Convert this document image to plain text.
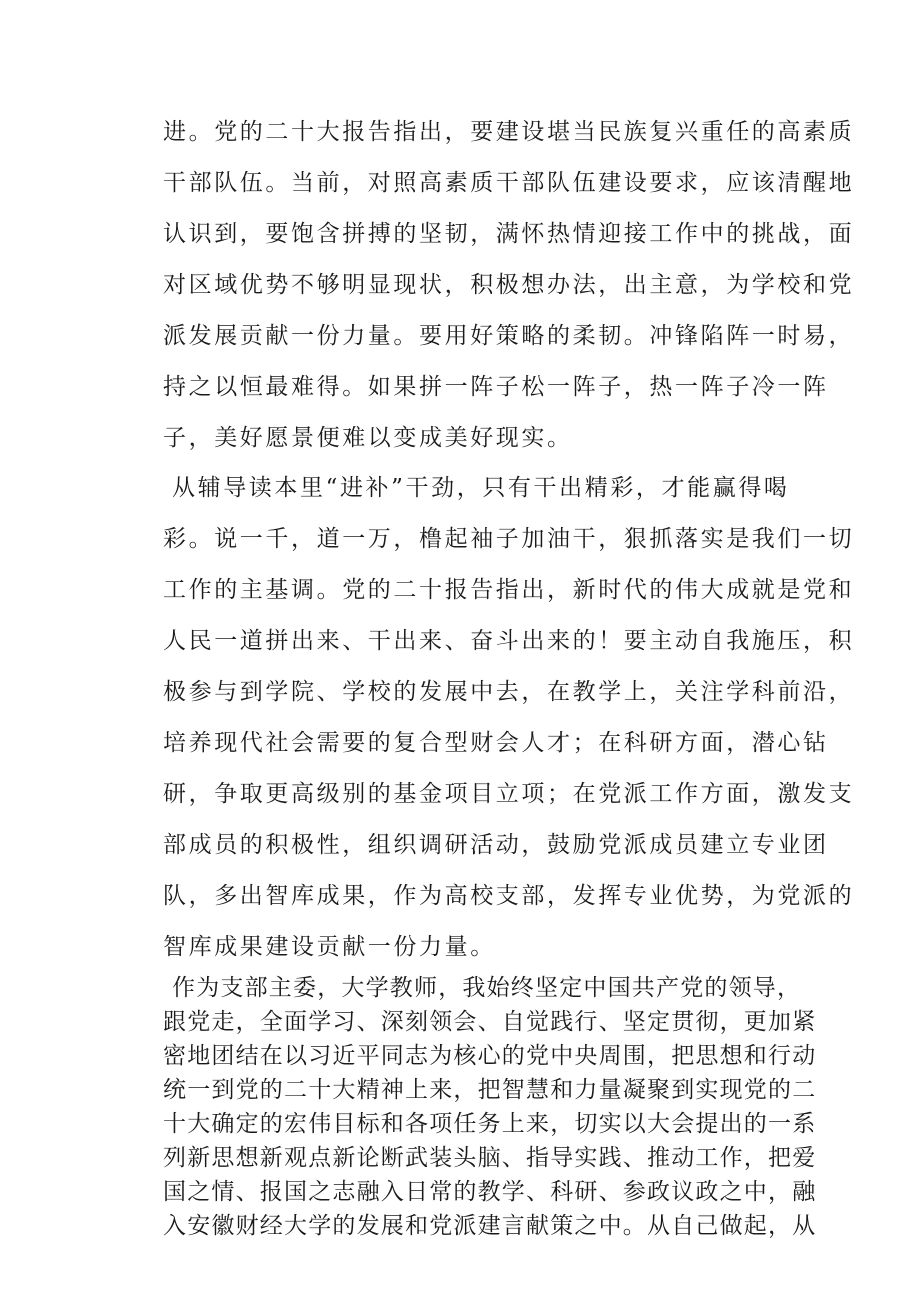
进。党的二十大报告指出，要建设堪当民族复兴重任的高素质
干部队伍。当前，对照高素质干部队伍建设要求，应该清醒地
认识到，要饱含拼搏的坚韧，满怀热情迎接工作中的挑战，面
对区域优势不够明显现状，积极想办法，出主意，为学校和党
派发展贡献一份力量。要用好策略的柔韧。冲锋陷阵一时易，
持之以恒最难得。如果拼一阵子松一阵子，热一阵子冷一阵
子，美好愿景便难以变成美好现实。
从辅导读本里“进补”干劲，只有干出精彩，才能赢得喝
彩。说一千，道一万，橹起袖子加油干，狠抓落实是我们一切
工作的主基调。党的二十报告指出，新时代的伟大成就是党和
人民一道拼出来、干出来、奋斗出来的！要主动自我施压，积
极参与到学院、学校的发展中去，在教学上，关注学科前沿，
培养现代社会需要的复合型财会人才；在科研方面，潜心钻
研，争取更高级别的基金项目立项；在党派工作方面，激发支
部成员的积极性，组织调研活动，鼓励党派成员建立专业团
队，多出智库成果，作为高校支部，发挥专业优势，为党派的
智库成果建设贡献一份力量。
作为支部主委，大学教师，我始终坚定中国共产党的领导，
跟党走，全面学习、深刻领会、自觉践行、坚定贯彻，更加紧
密地团结在以习近平同志为核心的党中央周围，把思想和行动
统一到党的二十大精神上来，把智慧和力量凝聚到实现党的二
十大确定的宏伟目标和各项任务上来，切实以大会提出的一系
列新思想新观点新论断武装头脑、指导实践、推动工作，把爱
国之情、报国之志融入日常的教学、科研、参政议政之中，融
入安徽财经大学的发展和党派建言献策之中。从自己做起，从
